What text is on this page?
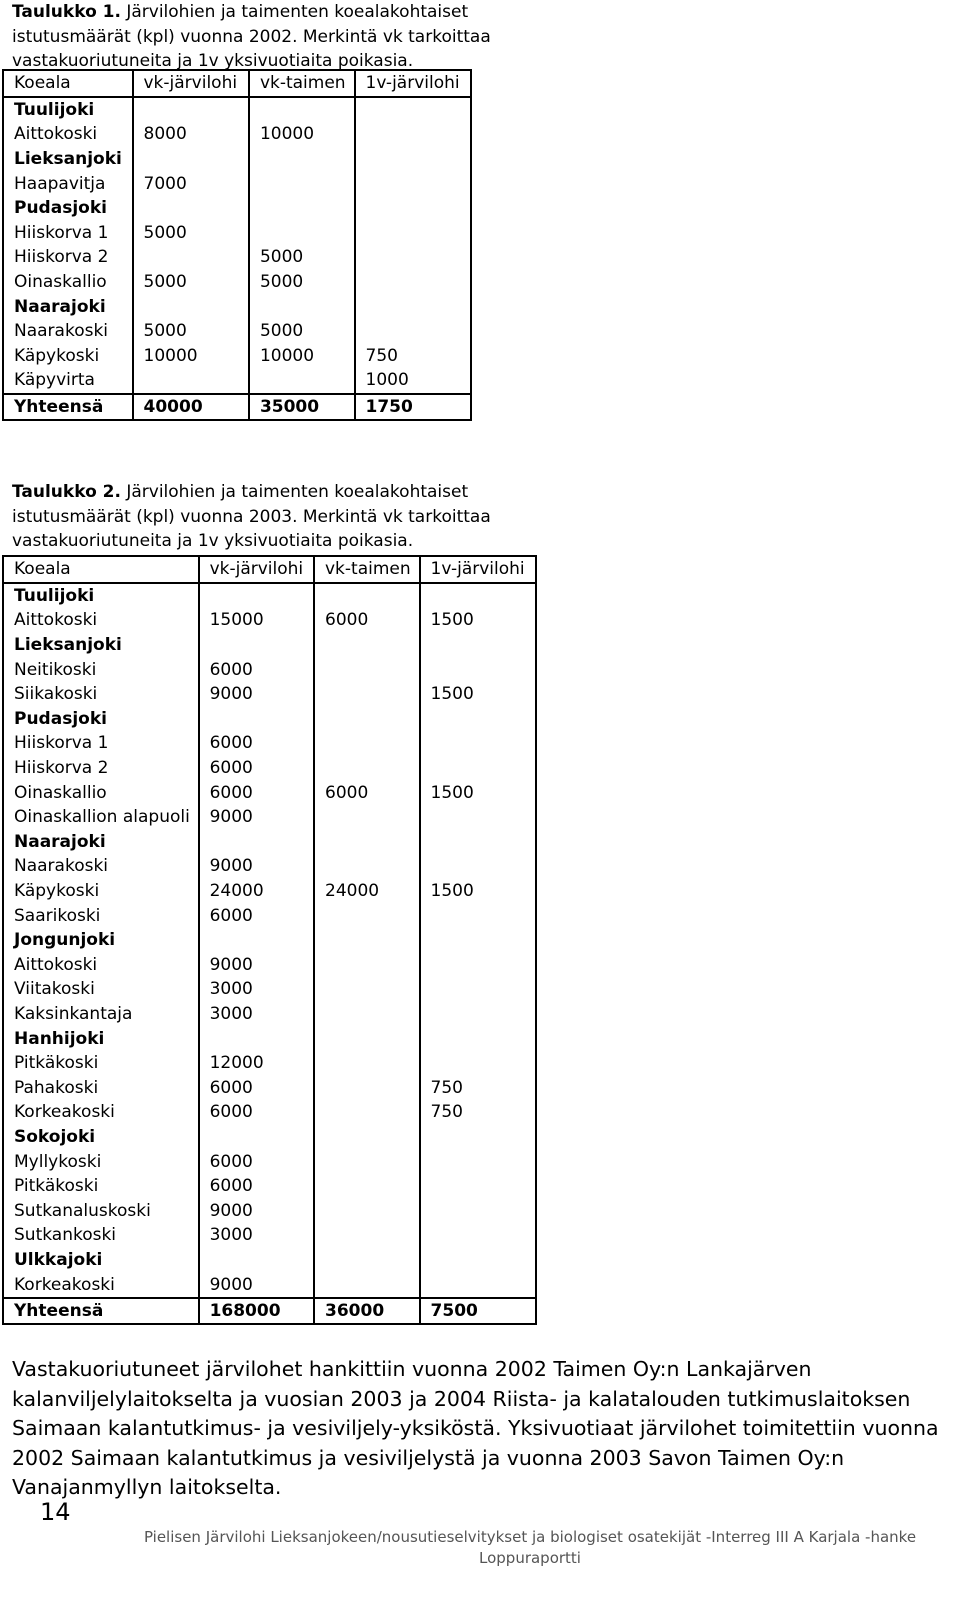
Taulukko 1. Järvilohien ja taimenten koealakohtaiset istutusmäärät (kpl) vuonna 2002. Merkintä vk tarkoittaa vastakuoriutuneita ja 1v yksivuotiaita poikasia.
Koeala	vk-järvilohi	vk-taimen	1v-järvilohi
Tuulijoki			
Aittokoski	8000	10000	
Lieksanjoki			
Haapavitja	7000		
Pudasjoki			
Hiiskorva 1	5000		
Hiiskorva 2		5000	
Oinaskallio	5000	5000	
Naarajoki			
Naarakoski	5000	5000	
Käpykoski	10000	10000	750
Käpyvirta			1000
Yhteensä	40000	35000	1750
Taulukko 2. Järvilohien ja taimenten koealakohtaiset istutusmäärät (kpl) vuonna 2003. Merkintä vk tarkoittaa vastakuoriutuneita ja 1v yksivuotiaita poikasia.
Koeala	vk-järvilohi	vk-taimen	1v-järvilohi
Tuulijoki			
Aittokoski	15000	6000	1500
Lieksanjoki			
Neitikoski	6000		
Siikakoski	9000		1500
Pudasjoki			
Hiiskorva 1	6000		
Hiiskorva 2	6000		
Oinaskallio	6000	6000	1500
Oinaskallion alapuoli	9000		
Naarajoki			
Naarakoski	9000		
Käpykoski	24000	24000	1500
Saarikoski	6000		
Jongunjoki			
Aittokoski	9000		
Viitakoski	3000		
Kaksinkantaja	3000		
Hanhijoki			
Pitkäkoski	12000		
Pahakoski	6000		750
Korkeakoski	6000		750
Sokojoki			
Myllykoski	6000		
Pitkäkoski	6000		
Sutkanaluskoski	9000		
Sutkankoski	3000		
Ulkkajoki			
Korkeakoski	9000		
Yhteensä	168000	36000	7500
Vastakuoriutuneet järvilohet hankittiin vuonna 2002 Taimen Oy:n Lankajärven kalanviljelylaitokselta ja vuosian 2003 ja 2004 Riista- ja kalatalouden tutkimuslaitoksen Saimaan kalantutkimus- ja vesiviljely-yksiköstä. Yksivuotiaat järvilohet toimitettiin vuonna 2002 Saimaan kalantutkimus ja vesiviljelystä ja vuonna 2003 Savon Taimen Oy:n Vanajanmyllyn laitokselta.
14
Pielisen Järvilohi Lieksanjokeen/nousutieselvitykset ja biologiset osatekijät -Interreg III A Karjala -hanke
Loppuraportti
